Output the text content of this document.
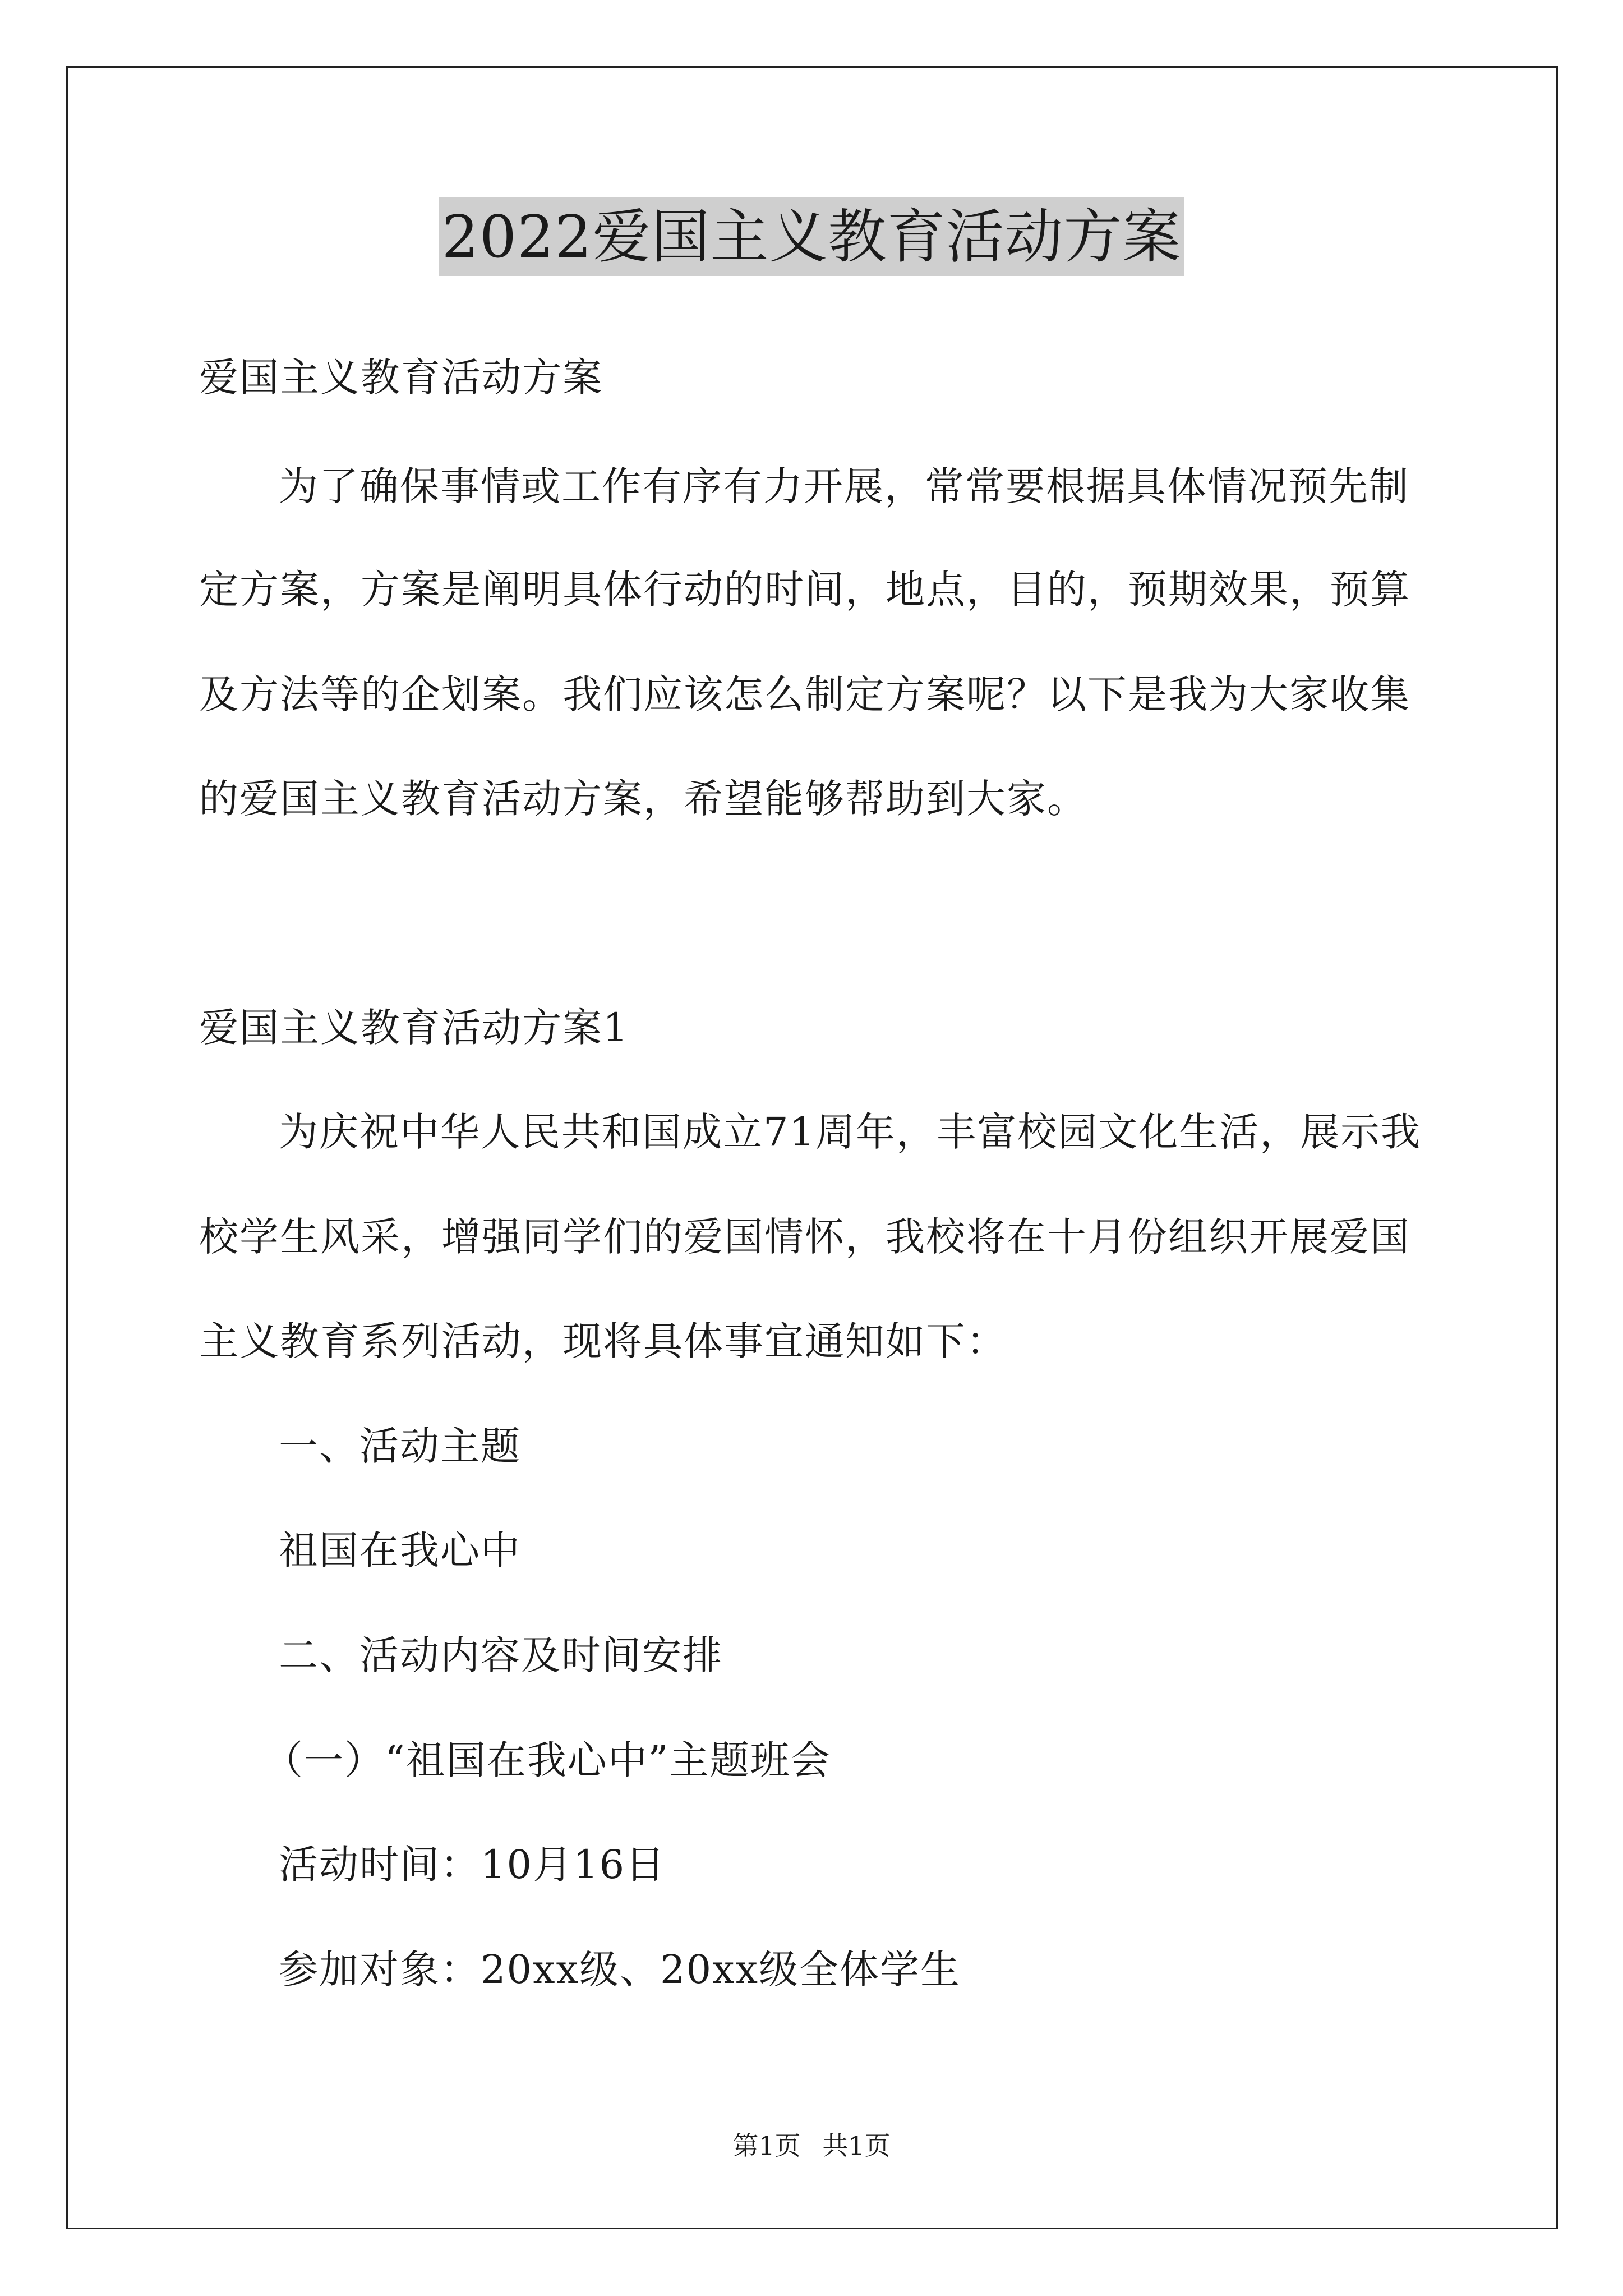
2022爱国主义教育活动方案
爱国主义教育活动方案
为了确保事情或工作有序有力开展，常常要根据具体情况预先制
定方案，方案是阐明具体行动的时间，地点，目的，预期效果，预算
及方法等的企划案。我们应该怎么制定方案呢？以下是我为大家收集
的爱国主义教育活动方案，希望能够帮助到大家。
爱国主义教育活动方案1
为庆祝中华人民共和国成立71周年，丰富校园文化生活，展示我
校学生风采，增强同学们的爱国情怀，我校将在十月份组织开展爱国
主义教育系列活动，现将具体事宜通知如下：
一、活动主题
祖国在我心中
二、活动内容及时间安排
（一）“祖国在我心中”主题班会
活动时间：10月16日
参加对象：20xx级、20xx级全体学生
第1页 共1页
